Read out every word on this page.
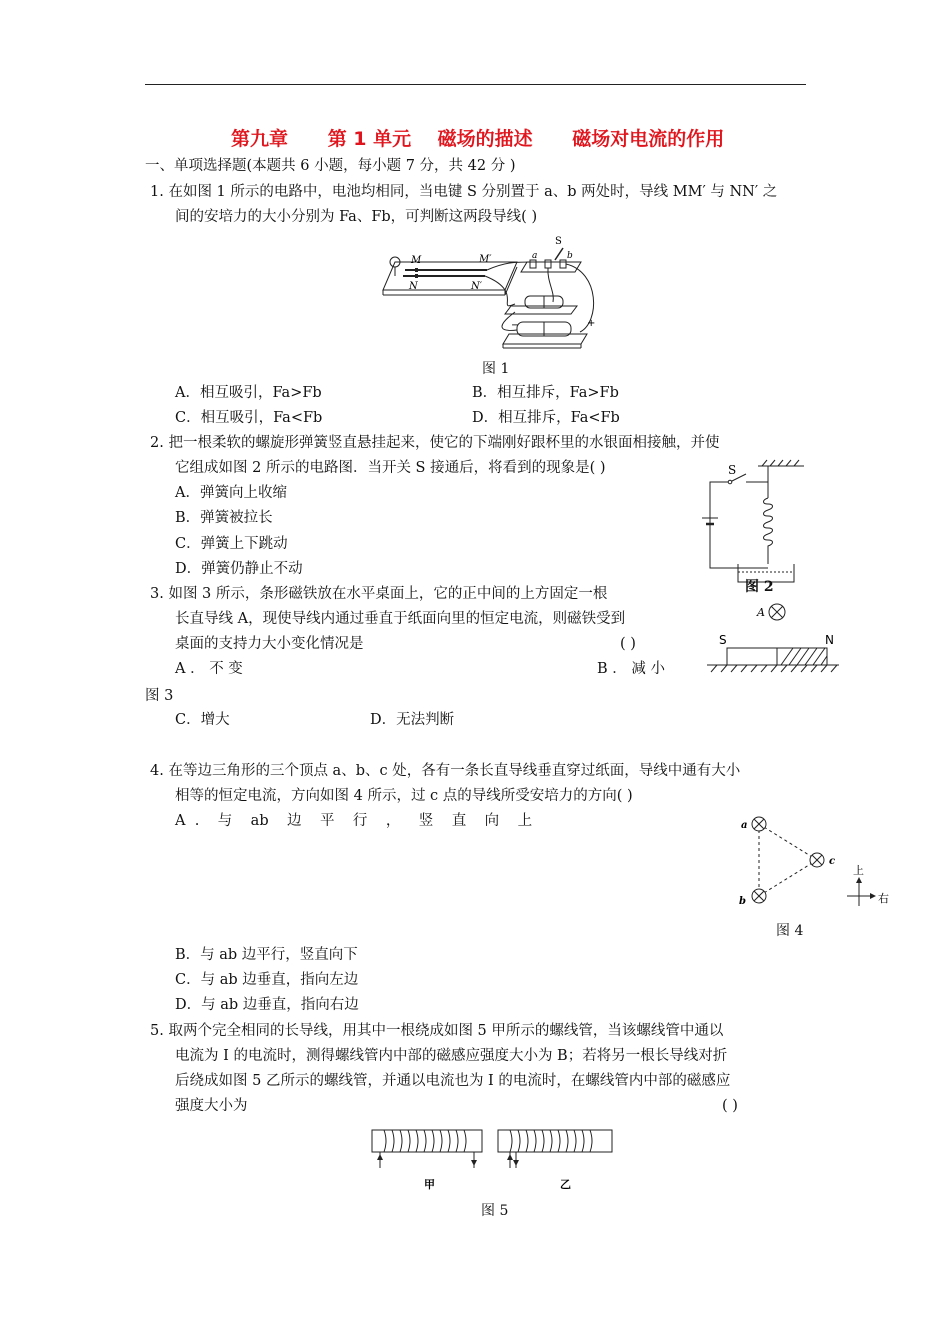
第九章      第 1 单元    磁场的描述      磁场对电流的作用
一、单项选择题(本题共 6 小题，每小题 7 分，共 42 分 )
1. 在如图 1 所示的电路中，电池均相同，当电键 S 分别置于 a、b 两处时，导线 MM′ 与 NN′ 之
间的安培力的大小分别为 Fa、Fb，可判断这两段导线( )
M	M′
N	N′
S
a	b
−	+
图 1
A．相互吸引，Fa>Fb	B．相互排斥，Fa>Fb
C．相互吸引，Fa<Fb	D．相互排斥，Fa<Fb
2. 把一根柔软的螺旋形弹簧竖直悬挂起来，使它的下端刚好跟杯里的水银面相接触，并使
它组成如图 2 所示的电路图．当开关 S 接通后，将看到的现象是( )
A．弹簧向上收缩
B．弹簧被拉长
C．弹簧上下跳动
D．弹簧仍静止不动
S
图 2
3. 如图 3 所示，条形磁铁放在水平桌面上，它的正中间的上方固定一根
长直导线 A，现使导线内通过垂直于纸面向里的恒定电流，则磁铁受到
桌面的支持力大小变化情况是	( )
A ． 不 变	B ． 减 小
图 3
C．增大	D．无法判断
A
S	N
4. 在等边三角形的三个顶点 a、b、c 处，各有一条长直导线垂直穿过纸面，导线中通有大小
相等的恒定电流，方向如图 4 所示，过 c 点的导线所受安培力的方向( )
A  .    与    ab    边    平    行    ，    竖    直    向    上	a
b
c
上
右
图 4
B．与 ab 边平行，竖直向下
C．与 ab 边垂直，指向左边
D．与 ab 边垂直，指向右边
5. 取两个完全相同的长导线，用其中一根绕成如图 5 甲所示的螺线管，当该螺线管中通以
电流为 I 的电流时，测得螺线管内中部的磁感应强度大小为 B；若将另一根长导线对折
后绕成如图 5 乙所示的螺线管，并通以电流也为 I 的电流时，在螺线管内中部的磁感应
强度大小为	( )
甲	乙
图 5
